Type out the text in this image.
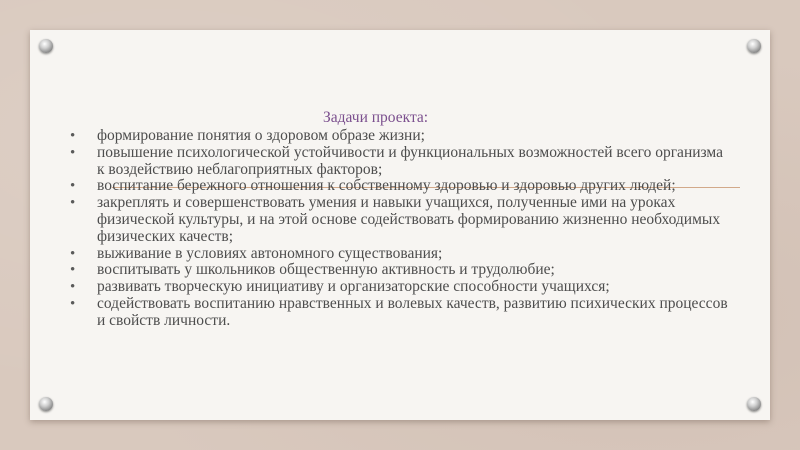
Задачи проекта:
• формирование понятия о здоровом образе жизни;
• повышение психологической устойчивости и функциональных возможностей всего организма к воздействию неблагоприятных факторов;
• воспитание бережного отношения к собственному здоровью и здоровью других людей;
• закреплять и совершенствовать умения и навыки учащихся, полученные ими на уроках физической культуры, и на этой основе содействовать формированию жизненно необходимых физических качеств;
• выживание в условиях автономного существования;
• воспитывать у школьников общественную активность и трудолюбие;
• развивать творческую инициативу и организаторские способности учащихся;
• содействовать воспитанию нравственных и волевых качеств, развитию психических процессов и свойств личности.
